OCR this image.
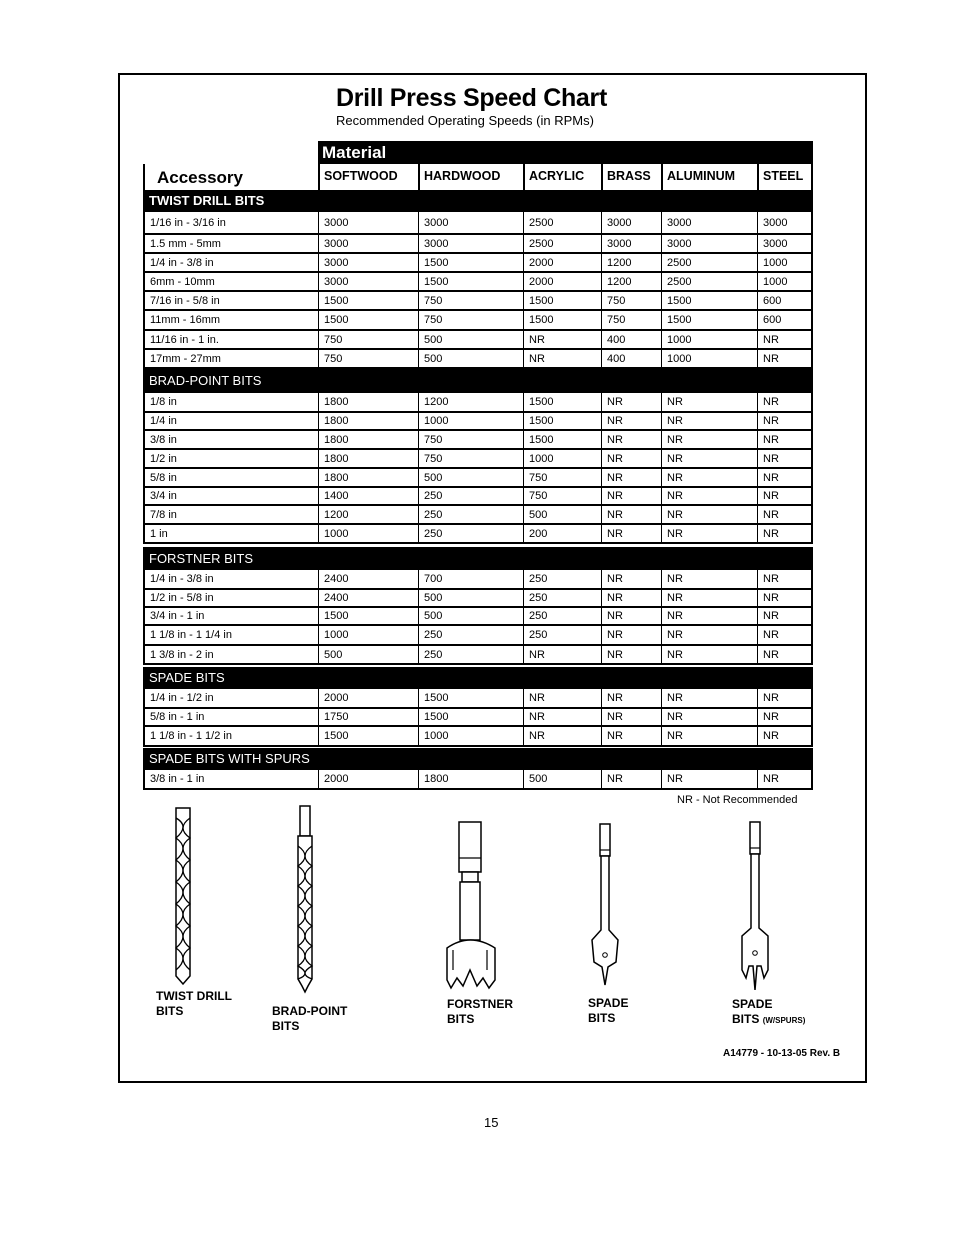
Drill Press Speed Chart
Recommended Operating Speeds (in RPMs)
Material
Accessory	SOFTWOOD	HARDWOOD	ACRYLIC	BRASS	ALUMINUM	STEEL
TWIST DRILL BITS
1/16 in - 3/16 in	3000	3000	2500	3000	3000	3000
1.5 mm - 5mm	3000	3000	2500	3000	3000	3000
1/4 in - 3/8 in	3000	1500	2000	1200	2500	1000
6mm - 10mm	3000	1500	2000	1200	2500	1000
7/16 in - 5/8 in	1500	750	1500	750	1500	600
11mm - 16mm	1500	750	1500	750	1500	600
11/16 in - 1 in.	750	500	NR	400	1000	NR
17mm - 27mm	750	500	NR	400	1000	NR
BRAD-POINT BITS
1/8 in	1800	1200	1500	NR	NR	NR
1/4 in	1800	1000	1500	NR	NR	NR
3/8 in	1800	750	1500	NR	NR	NR
1/2 in	1800	750	1000	NR	NR	NR
5/8 in	1800	500	750	NR	NR	NR
3/4 in	1400	250	750	NR	NR	NR
7/8 in	1200	250	500	NR	NR	NR
1 in	1000	250	200	NR	NR	NR
FORSTNER BITS
1/4 in - 3/8 in	2400	700	250	NR	NR	NR
1/2 in - 5/8 in	2400	500	250	NR	NR	NR
3/4 in - 1 in	1500	500	250	NR	NR	NR
1 1/8 in - 1 1/4 in	1000	250	250	NR	NR	NR
1 3/8 in - 2 in	500	250	NR	NR	NR	NR
SPADE BITS
1/4 in - 1/2 in	2000	1500	NR	NR	NR	NR
5/8 in - 1 in	1750	1500	NR	NR	NR	NR
1 1/8 in - 1 1/2 in	1500	1000	NR	NR	NR	NR
SPADE BITS WITH SPURS
3/8 in - 1 in	2000	1800	500	NR	NR	NR
NR - Not Recommended
TWIST DRILL
BITS	BRAD-POINT
BITS
FORSTNER
BITS
SPADE
BITS
SPADE
BITS (W/SPURS)
A14779 - 10-13-05 Rev. B
15
